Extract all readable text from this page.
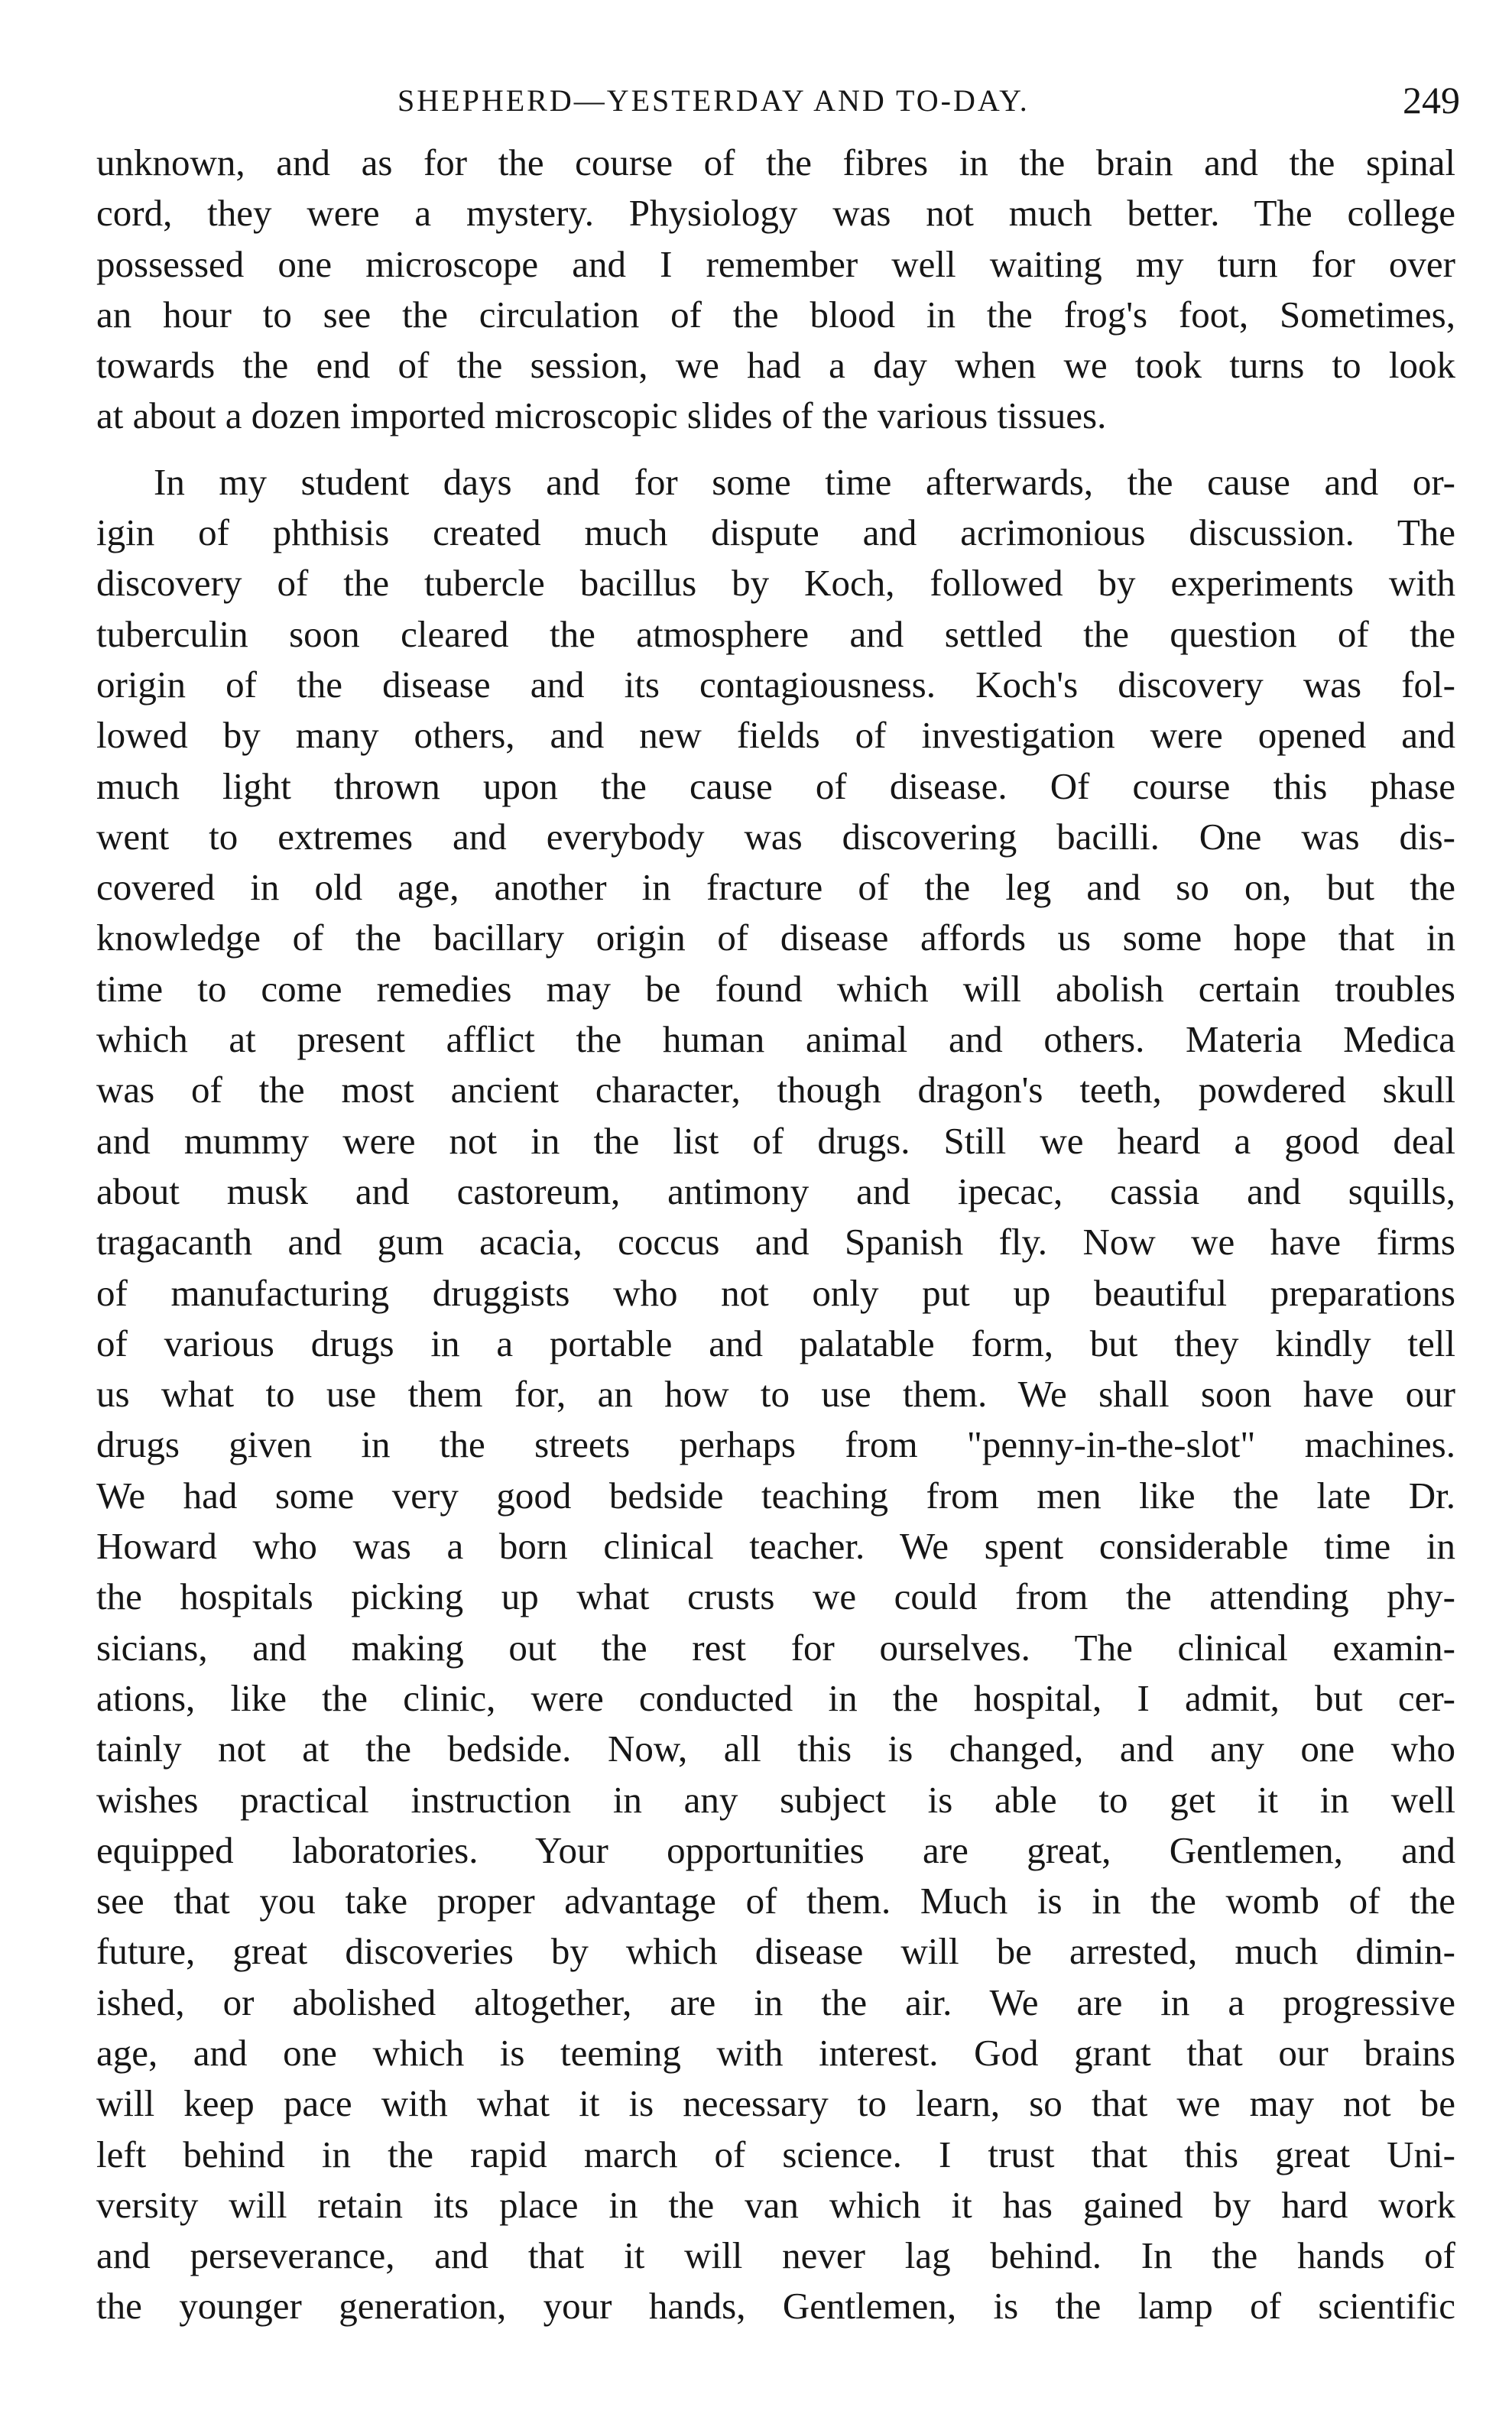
SHEPHERD—YESTERDAY AND TO-DAY.	249
unknown, and as for the course of the fibres in the brain and the spinal
cord, they were a mystery. Physiology was not much better. The college
possessed one microscope and I remember well waiting my turn for over
an hour to see the circulation of the blood in the frog's foot, Sometimes,
towards the end of the session, we had a day when we took turns to look
at about a dozen imported microscopic slides of the various tissues.
In my student days and for some time afterwards, the cause and or-
igin of phthisis created much dispute and acrimonious discussion. The
discovery of the tubercle bacillus by Koch, followed by experiments with
tuberculin soon cleared the atmosphere and settled the question of the
origin of the disease and its contagiousness. Koch's discovery was fol-
lowed by many others, and new fields of investigation were opened and
much light thrown upon the cause of disease. Of course this phase
went to extremes and everybody was discovering bacilli. One was dis-
covered in old age, another in fracture of the leg and so on, but the
knowledge of the bacillary origin of disease affords us some hope that in
time to come remedies may be found which will abolish certain troubles
which at present afflict the human animal and others. Materia Medica
was of the most ancient character, though dragon's teeth, powdered skull
and mummy were not in the list of drugs. Still we heard a good deal
about musk and castoreum, antimony and ipecac, cassia and squills,
tragacanth and gum acacia, coccus and Spanish fly. Now we have firms
of manufacturing druggists who not only put up beautiful preparations
of various drugs in a portable and palatable form, but they kindly tell
us what to use them for, an how to use them. We shall soon have our
drugs given in the streets perhaps from "penny-in-the-slot" machines.
We had some very good bedside teaching from men like the late Dr.
Howard who was a born clinical teacher. We spent considerable time in
the hospitals picking up what crusts we could from the attending phy-
sicians, and making out the rest for ourselves. The clinical examin-
ations, like the clinic, were conducted in the hospital, I admit, but cer-
tainly not at the bedside. Now, all this is changed, and any one who
wishes practical instruction in any subject is able to get it in well
equipped laboratories. Your opportunities are great, Gentlemen, and
see that you take proper advantage of them. Much is in the womb of the
future, great discoveries by which disease will be arrested, much dimin-
ished, or abolished altogether, are in the air. We are in a progressive
age, and one which is teeming with interest. God grant that our brains
will keep pace with what it is necessary to learn, so that we may not be
left behind in the rapid march of science. I trust that this great Uni-
versity will retain its place in the van which it has gained by hard work
and perseverance, and that it will never lag behind. In the hands of
the younger generation, your hands, Gentlemen, is the lamp of scientific
